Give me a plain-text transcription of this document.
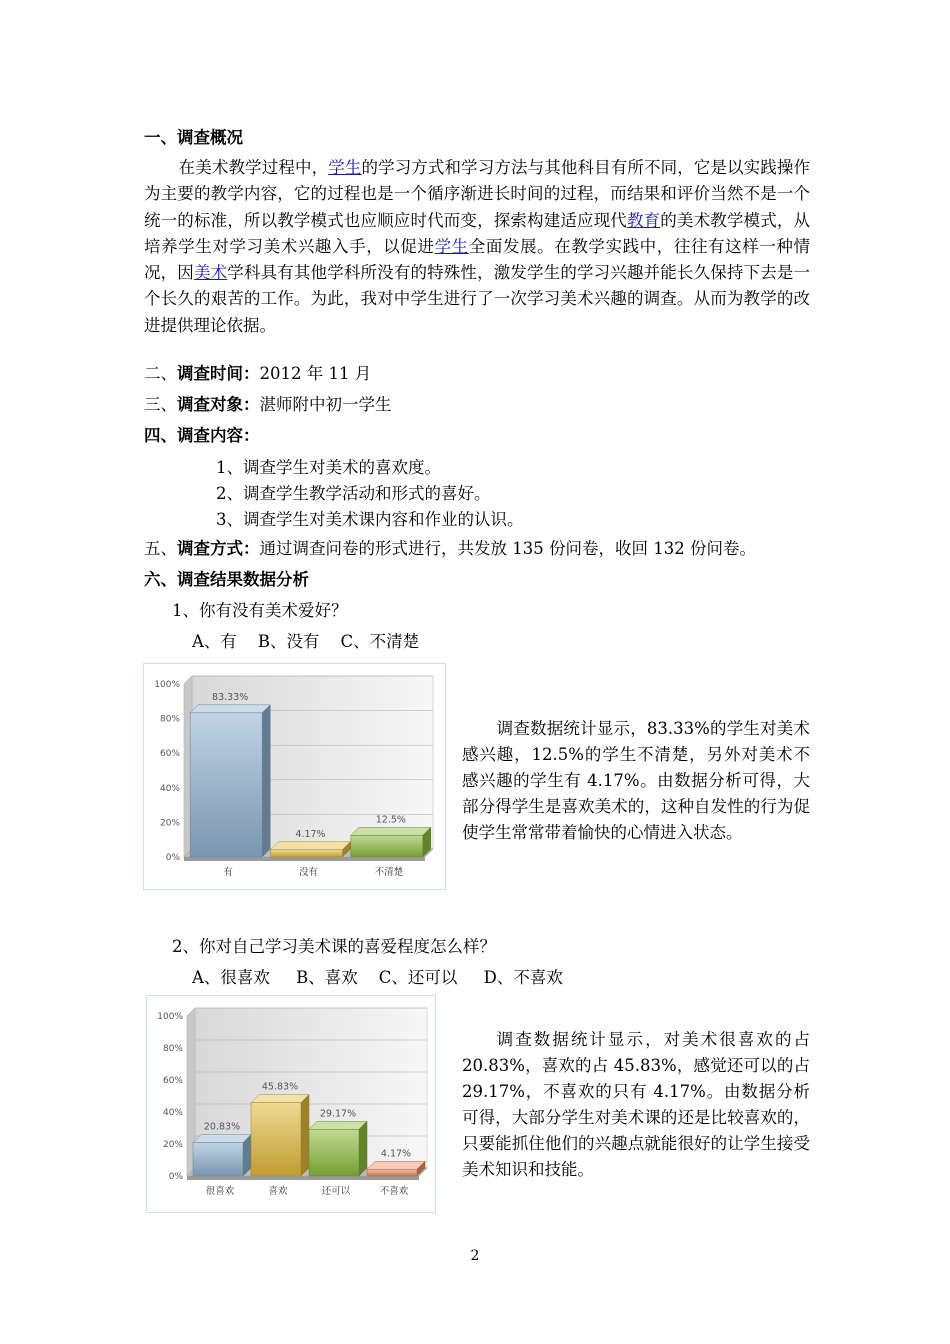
一、调查概况
在美术教学过程中，学生的学习方式和学习方法与其他科目有所不同，它是以实践操作为主要的教学内容，它的过程也是一个循序渐进长时间的过程，而结果和评价当然不是一个统一的标准，所以教学模式也应顺应时代而变，探索构建适应现代教育的美术教学模式，从培养学生对学习美术兴趣入手，以促进学生全面发展。在教学实践中，往往有这样一种情况，因美术学科具有其他学科所没有的特殊性，激发学生的学习兴趣并能长久保持下去是一个长久的艰苦的工作。为此，我对中学生进行了一次学习美术兴趣的调查。从而为教学的改进提供理论依据。
二、调查时间：2012 年 11 月
三、调查对象：湛师附中初一学生
四、调查内容：
1、调查学生对美术的喜欢度。
2、调查学生教学活动和形式的喜好。
3、调查学生对美术课内容和作业的认识。
五、调查方式：通过调查问卷的形式进行，共发放 135 份问卷，收回 132 份问卷。
六、调查结果数据分析
1、你有没有美术爱好？
A、有    B、没有    C、不清楚
0%
20%
40%
60%
80%
100%
83.33%
有
4.17%
没有
12.5%
不清楚
调查数据统计显示，83.33%的学生对美术感兴趣，12.5%的学生不清楚，另外对美术不感兴趣的学生有 4.17%。由数据分析可得，大部分得学生是喜欢美术的，这种自发性的行为促使学生常常带着愉快的心情进入状态。
2、你对自己学习美术课的喜爱程度怎么样？
A、很喜欢     B、喜欢    C、还可以     D、不喜欢
0%
20%
40%
60%
80%
100%
20.83%
很喜欢
45.83%
喜欢
29.17%
还可以
4.17%
不喜欢
调查数据统计显示，对美术很喜欢的占 20.83%，喜欢的占 45.83%，感觉还可以的占 29.17%，不喜欢的只有 4.17%。由数据分析可得，大部分学生对美术课的还是比较喜欢的，只要能抓住他们的兴趣点就能很好的让学生接受美术知识和技能。
2
